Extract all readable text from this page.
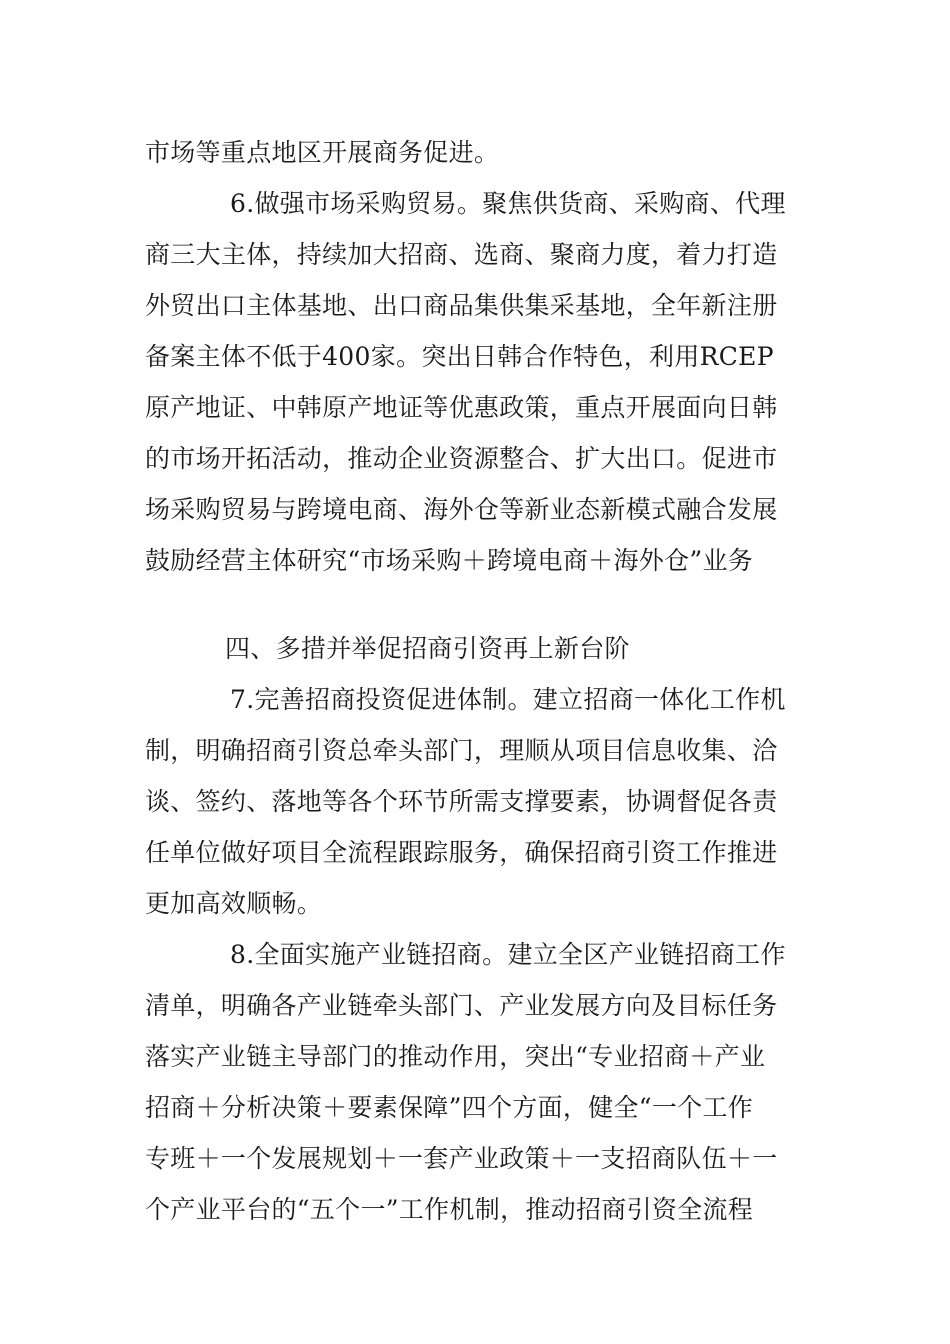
市场等重点地区开展商务促进。
6.做强市场采购贸易。聚焦供货商、采购商、代理
商三大主体，持续加大招商、选商、聚商力度，着力打造
外贸出口主体基地、出口商品集供集采基地，全年新注册
备案主体不低于400家。突出日韩合作特色，利用RCEP
原产地证、中韩原产地证等优惠政策，重点开展面向日韩
的市场开拓活动，推动企业资源整合、扩大出口。促进市
场采购贸易与跨境电商、海外仓等新业态新模式融合发展
鼓励经营主体研究“市场采购＋跨境电商＋海外仓”业务
四、多措并举促招商引资再上新台阶
7.完善招商投资促进体制。建立招商一体化工作机
制，明确招商引资总牵头部门，理顺从项目信息收集、洽
谈、签约、落地等各个环节所需支撑要素，协调督促各责
任单位做好项目全流程跟踪服务，确保招商引资工作推进
更加高效顺畅。
8.全面实施产业链招商。建立全区产业链招商工作
清单，明确各产业链牵头部门、产业发展方向及目标任务
落实产业链主导部门的推动作用，突出“专业招商＋产业
招商＋分析决策＋要素保障”四个方面，健全“一个工作
专班＋一个发展规划＋一套产业政策＋一支招商队伍＋一
个产业平台的“五个一”工作机制，推动招商引资全流程
